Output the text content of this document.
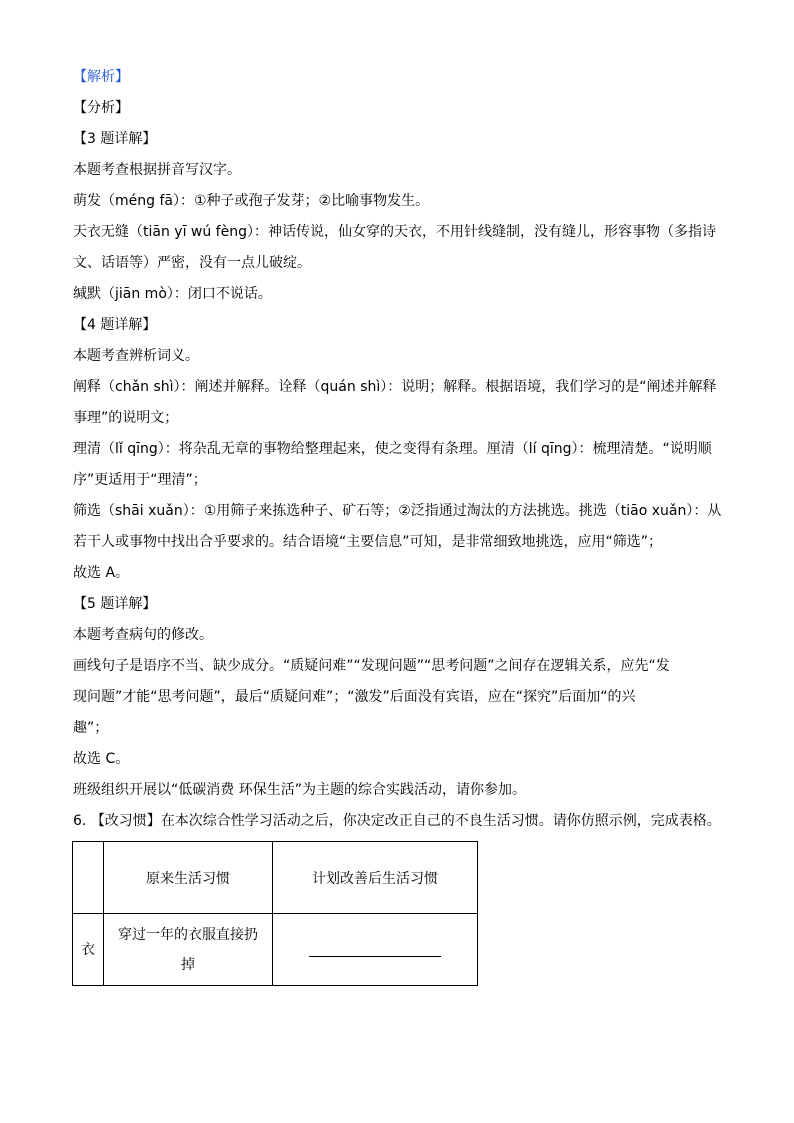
【解析】
【分析】
【3 题详解】
本题考查根据拼音写汉字。
萌发（méng fā）：①种子或孢子发芽；②比喻事物发生。
天衣无缝（tiān yī wú fèng）：神话传说，仙女穿的天衣，不用针线缝制，没有缝儿，形容事物（多指诗
文、话语等）严密，没有一点儿破绽。
缄默（jiān mò）：闭口不说话。
【4 题详解】
本题考查辨析词义。
阐释（chǎn shì）：阐述并解释。诠释（quán shì）：说明；解释。根据语境，我们学习的是“阐述并解释
事理”的说明文；
理清（lǐ qīng）：将杂乱无章的事物给整理起来，使之变得有条理。厘清（lí qīng）：梳理清楚。“说明顺
序”更适用于“理清”；
筛选（shāi xuǎn）：①用筛子来拣选种子、矿石等；②泛指通过淘汰的方法挑选。挑选（tiāo xuǎn）：从
若干人或事物中找出合乎要求的。结合语境“主要信息”可知，是非常细致地挑选，应用“筛选”；
故选 A。
【5 题详解】
本题考查病句的修改。
画线句子是语序不当、缺少成分。“质疑问难”“发现问题”“思考问题”之间存在逻辑关系，应先“发
现问题”才能“思考问题”，最后“质疑问难”；“激发”后面没有宾语，应在“探究”后面加“的兴
趣”；
故选 C。
班级组织开展以“低碳消费 环保生活”为主题的综合实践活动，请你参加。
6. 【改习惯】在本次综合性学习活动之后，你决定改正自己的不良生活习惯。请你仿照示例，完成表格。
	原来生活习惯	计划改善后生活习惯
衣	穿过一年的衣服直接扔
掉	
